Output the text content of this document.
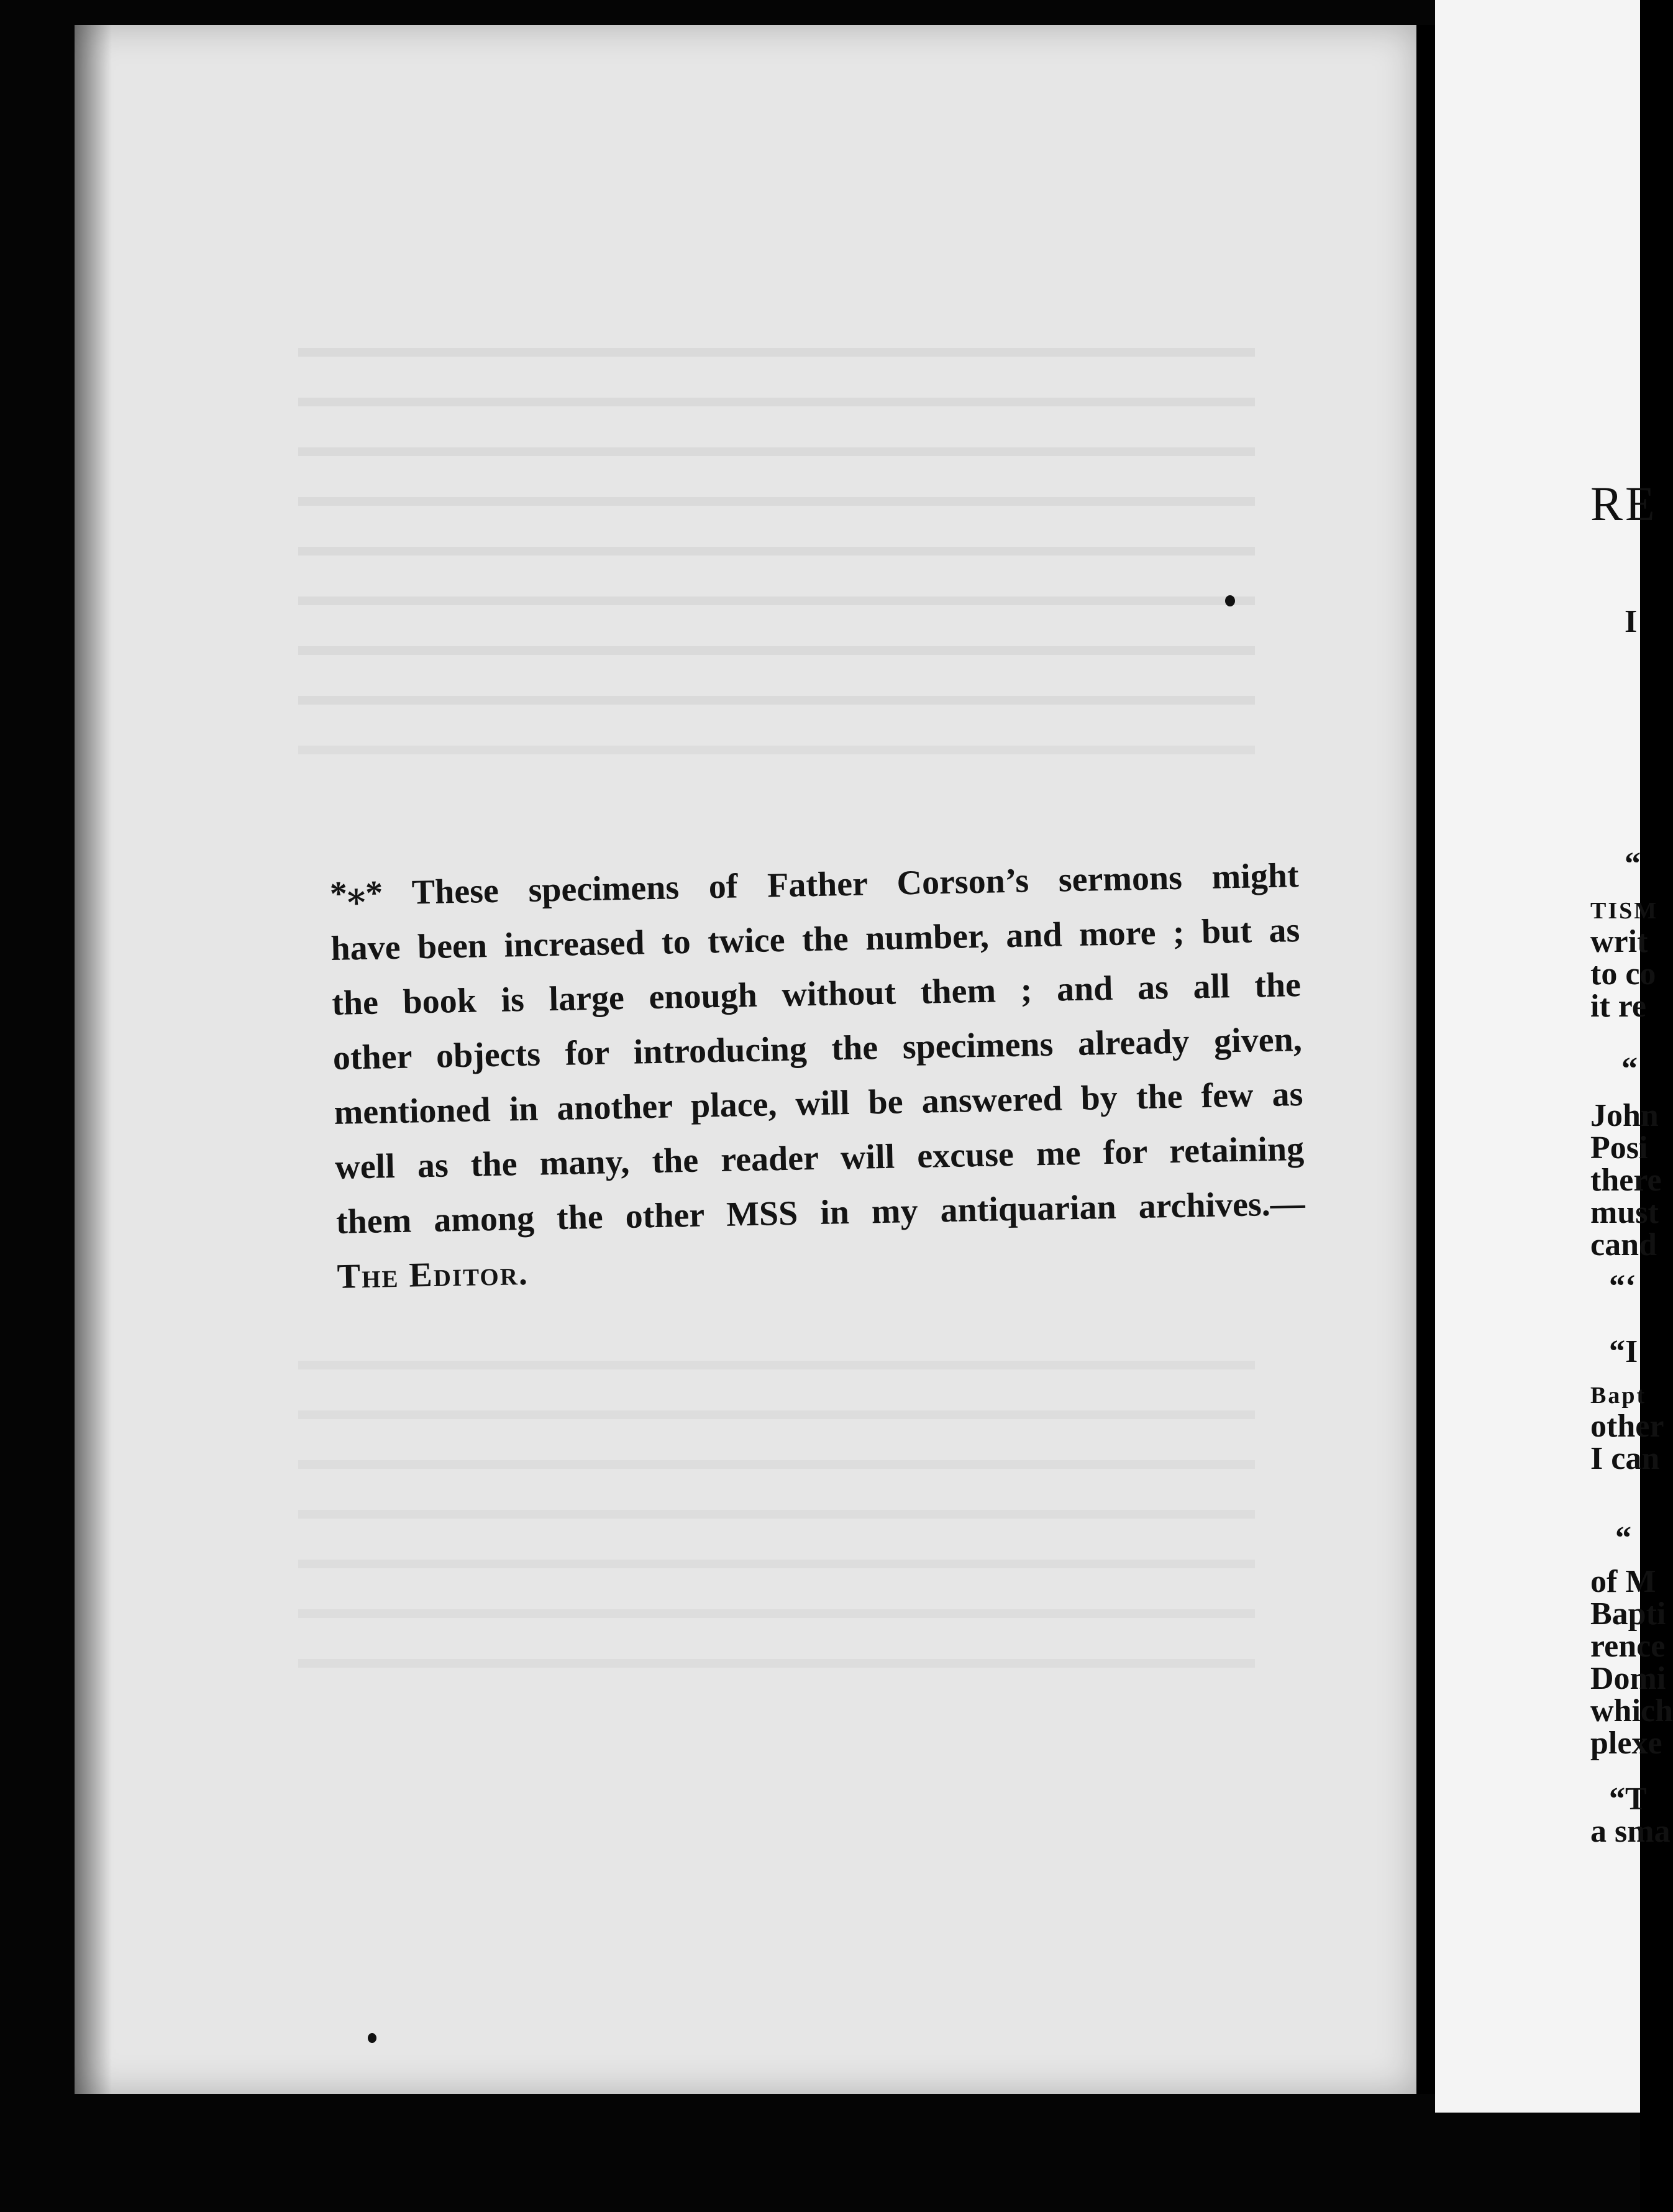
*⁎* These specimens of Father Corson’s sermons might
have been increased to twice the number, and more ; but as
the book is large enough without them ; and as all the
other objects for introducing the specimens already given,
mentioned in another place, will be answered by the few as
well as the many, the reader will excuse me for retaining
them among the other MSS in my antiquarian archives.—
The Editor.
RE
I
“
TISM
writ
to co
it re
“
John
Posi
there
must
cand
“‘
“I
Bapt
other
I can
“
of M
Bapti
rence
Domi
which
plexe
“T
a sma
